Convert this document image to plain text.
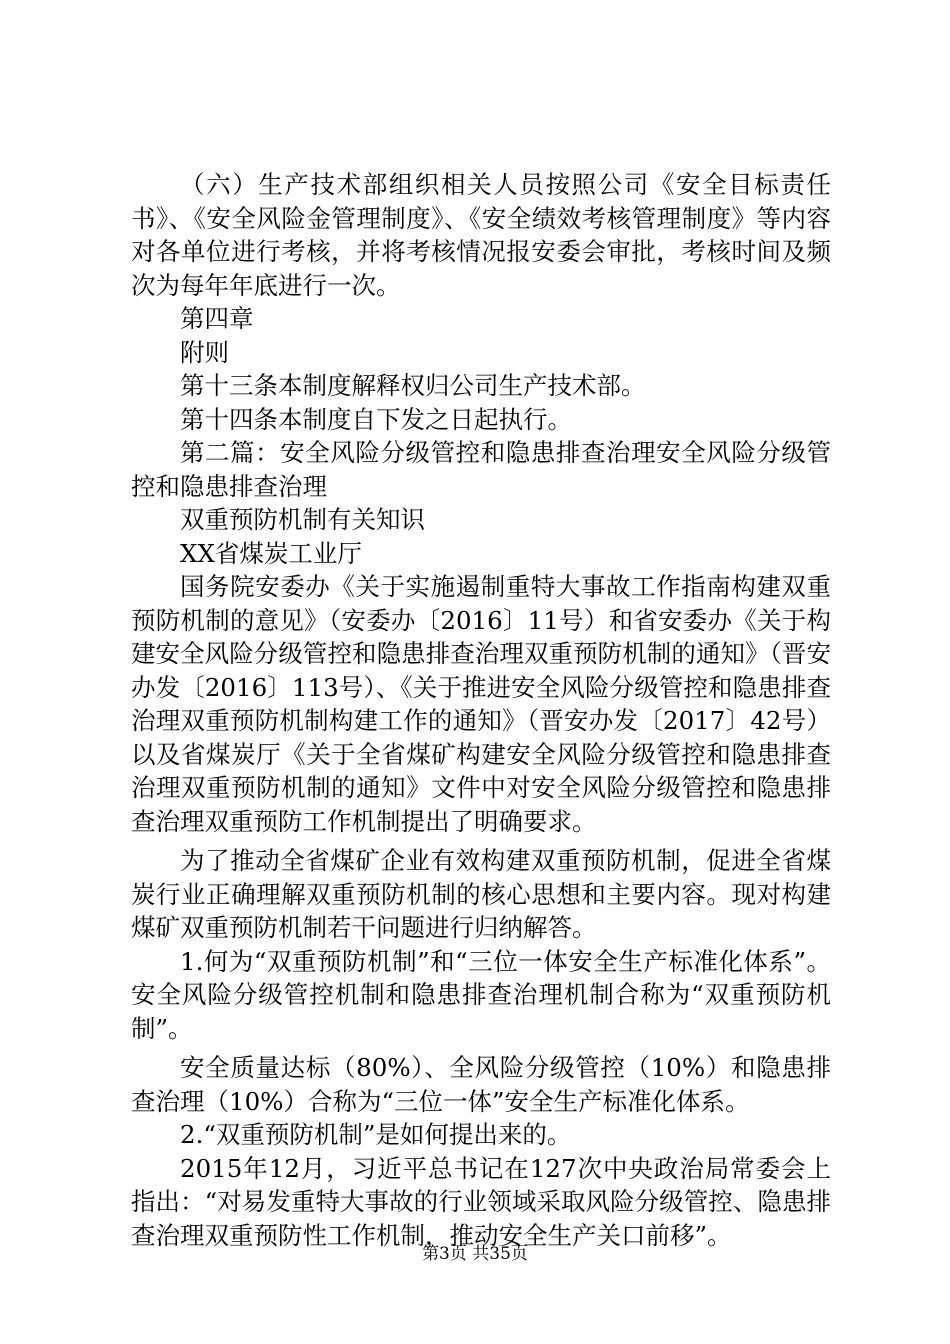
（六）生产技术部组织相关人员按照公司《安全目标责任书》、《安全风险金管理制度》、《安全绩效考核管理制度》等内容对各单位进行考核，并将考核情况报安委会审批，考核时间及频次为每年年底进行一次。

第四章

附则

第十三条本制度解释权归公司生产技术部。

第十四条本制度自下发之日起执行。

第二篇：安全风险分级管控和隐患排查治理安全风险分级管控和隐患排查治理

双重预防机制有关知识

XX省煤炭工业厅

国务院安委办《关于实施遏制重特大事故工作指南构建双重预防机制的意见》（安委办〔2016〕11号）和省安委办《关于构建安全风险分级管控和隐患排查治理双重预防机制的通知》（晋安办发〔2016〕113号）、《关于推进安全风险分级管控和隐患排查治理双重预防机制构建工作的通知》（晋安办发〔2017〕42号）以及省煤炭厅《关于全省煤矿构建安全风险分级管控和隐患排查治理双重预防机制的通知》文件中对安全风险分级管控和隐患排查治理双重预防工作机制提出了明确要求。

为了推动全省煤矿企业有效构建双重预防机制，促进全省煤炭行业正确理解双重预防机制的核心思想和主要内容。现对构建煤矿双重预防机制若干问题进行归纳解答。

1.何为“双重预防机制”和“三位一体安全生产标准化体系”。安全风险分级管控机制和隐患排查治理机制合称为“双重预防机制”。

安全质量达标（80%）、全风险分级管控（10%）和隐患排查治理（10%）合称为“三位一体”安全生产标准化体系。

2.“双重预防机制”是如何提出来的。

2015年12月，习近平总书记在127次中央政治局常委会上指出：“对易发重特大事故的行业领域采取风险分级管控、隐患排查治理双重预防性工作机制，推动安全生产关口前移”。

第3页 共35页
